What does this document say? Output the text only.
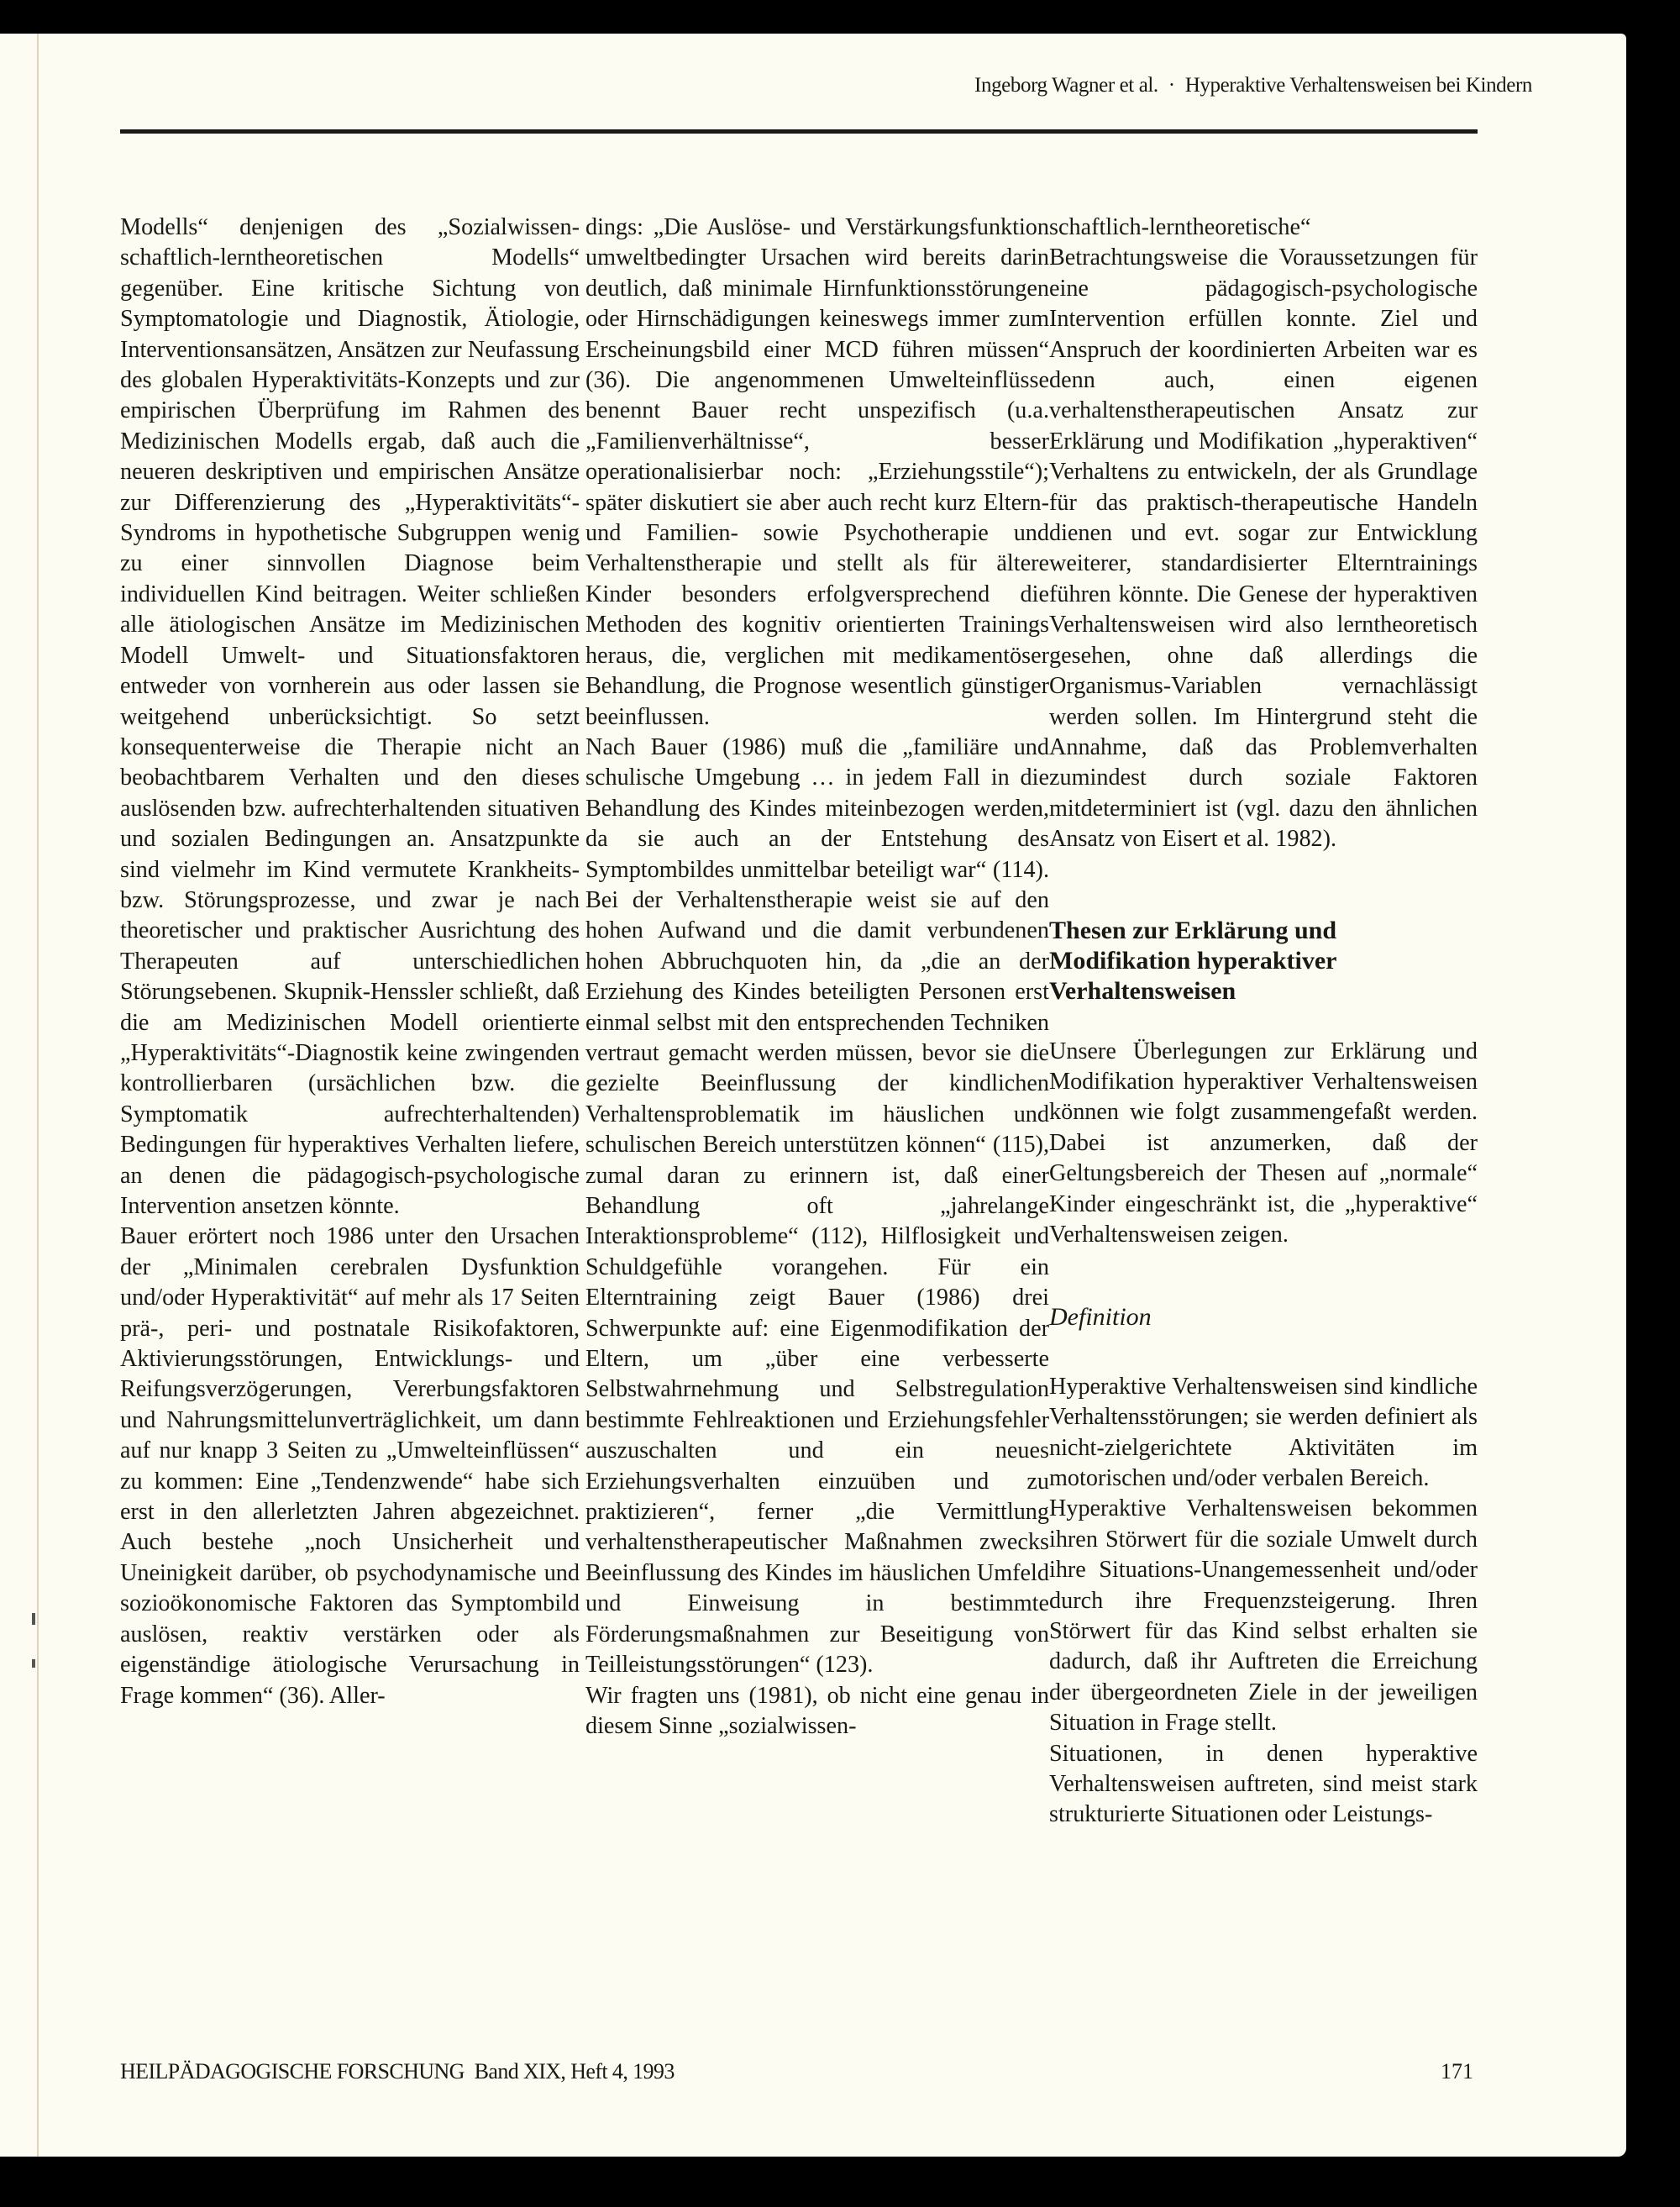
Ingeborg Wagner et al. · Hyperaktive Verhaltensweisen bei Kindern

Modells“ denjenigen des „Sozialwissen-schaftlich-lerntheoretischen Modells“ gegenüber. Eine kritische Sichtung von Symptomatologie und Diagnostik, Ätiologie, Interventionsansätzen, Ansätzen zur Neufassung des globalen Hyperaktivitäts-Konzepts und zur empirischen Überprüfung im Rahmen des Medizinischen Modells ergab, daß auch die neueren deskriptiven und empirischen Ansätze zur Differenzierung des „Hyperaktivitäts“-Syndroms in hypothetische Subgruppen wenig zu einer sinnvollen Diagnose beim individuellen Kind beitragen. Weiter schließen alle ätiologischen Ansätze im Medizinischen Modell Umwelt- und Situationsfaktoren entweder von vornherein aus oder lassen sie weitgehend unberücksichtigt. So setzt konsequenterweise die Therapie nicht an beobachtbarem Verhalten und den dieses auslösenden bzw. aufrechterhaltenden situativen und sozialen Bedingungen an. Ansatzpunkte sind vielmehr im Kind vermutete Krankheits- bzw. Störungsprozesse, und zwar je nach theoretischer und praktischer Ausrichtung des Therapeuten auf unterschiedlichen Störungsebenen. Skupnik-Henssler schließt, daß die am Medizinischen Modell orientierte „Hyperaktivitäts“-Diagnostik keine zwingenden kontrollierbaren (ursächlichen bzw. die Symptomatik aufrechterhaltenden) Bedingungen für hyperaktives Verhalten liefere, an denen die pädagogisch-psychologische Intervention ansetzen könnte.

Bauer erörtert noch 1986 unter den Ursachen der „Minimalen cerebralen Dysfunktion und/oder Hyperaktivität“ auf mehr als 17 Seiten prä-, peri- und postnatale Risikofaktoren, Aktivierungsstörungen, Entwicklungs- und Reifungsverzögerungen, Vererbungsfaktoren und Nahrungsmittelunverträglichkeit, um dann auf nur knapp 3 Seiten zu „Umwelteinflüssen“ zu kommen: Eine „Tendenzwende“ habe sich erst in den allerletzten Jahren abgezeichnet. Auch bestehe „noch Unsicherheit und Uneinigkeit darüber, ob psychodynamische und sozioökonomische Faktoren das Symptombild auslösen, reaktiv verstärken oder als eigenständige ätiologische Verursachung in Frage kommen“ (36). Aller-

dings: „Die Auslöse- und Verstärkungsfunktion umweltbedingter Ursachen wird bereits darin deutlich, daß minimale Hirnfunktionsstörungen oder Hirnschädigungen keineswegs immer zum Erscheinungsbild einer MCD führen müssen“ (36). Die angenommenen Umwelteinflüsse benennt Bauer recht unspezifisch (u.a. „Familienverhältnisse“, besser operationalisierbar noch: „Erziehungsstile“); später diskutiert sie aber auch recht kurz Eltern- und Familien- sowie Psychotherapie und Verhaltenstherapie und stellt als für ältere Kinder besonders erfolgversprechend die Methoden des kognitiv orientierten Trainings heraus, die, verglichen mit medikamentöser Behandlung, die Prognose wesentlich günstiger beeinflussen.

Nach Bauer (1986) muß die „familiäre und schulische Umgebung … in jedem Fall in die Behandlung des Kindes miteinbezogen werden, da sie auch an der Entstehung des Symptombildes unmittelbar beteiligt war“ (114). Bei der Verhaltenstherapie weist sie auf den hohen Aufwand und die damit verbundenen hohen Abbruchquoten hin, da „die an der Erziehung des Kindes beteiligten Personen erst einmal selbst mit den entsprechenden Techniken vertraut gemacht werden müssen, bevor sie die gezielte Beeinflussung der kindlichen Verhaltensproblematik im häuslichen und schulischen Bereich unterstützen können“ (115), zumal daran zu erinnern ist, daß einer Behandlung oft „jahrelange Interaktionsprobleme“ (112), Hilflosigkeit und Schuldgefühle vorangehen. Für ein Elterntraining zeigt Bauer (1986) drei Schwerpunkte auf: eine Eigenmodifikation der Eltern, um „über eine verbesserte Selbstwahrnehmung und Selbstregulation bestimmte Fehlreaktionen und Erziehungsfehler auszuschalten und ein neues Erziehungsverhalten einzuüben und zu praktizieren“, ferner „die Vermittlung verhaltenstherapeutischer Maßnahmen zwecks Beeinflussung des Kindes im häuslichen Umfeld und Einweisung in bestimmte Förderungsmaßnahmen zur Beseitigung von Teilleistungsstörungen“ (123).

Wir fragten uns (1981), ob nicht eine genau in diesem Sinne „sozialwissen-

schaftlich-lerntheoretische“ Betrachtungsweise die Voraussetzungen für eine pädagogisch-psychologische Intervention erfüllen konnte. Ziel und Anspruch der koordinierten Arbeiten war es denn auch, einen eigenen verhaltenstherapeutischen Ansatz zur Erklärung und Modifikation „hyperaktiven“ Verhaltens zu entwickeln, der als Grundlage für das praktisch-therapeutische Handeln dienen und evt. sogar zur Entwicklung weiterer, standardisierter Elterntrainings führen könnte. Die Genese der hyperaktiven Verhaltensweisen wird also lerntheoretisch gesehen, ohne daß allerdings die Organismus-Variablen vernachlässigt werden sollen. Im Hintergrund steht die Annahme, daß das Problemverhalten zumindest durch soziale Faktoren mitdeterminiert ist (vgl. dazu den ähnlichen Ansatz von Eisert et al. 1982).

Thesen zur Erklärung und Modifikation hyperaktiver Verhaltensweisen

Unsere Überlegungen zur Erklärung und Modifikation hyperaktiver Verhaltensweisen können wie folgt zusammengefaßt werden. Dabei ist anzumerken, daß der Geltungsbereich der Thesen auf „normale“ Kinder eingeschränkt ist, die „hyperaktive“ Verhaltensweisen zeigen.

Definition

Hyperaktive Verhaltensweisen sind kindliche Verhaltensstörungen; sie werden definiert als nicht-zielgerichtete Aktivitäten im motorischen und/oder verbalen Bereich.

Hyperaktive Verhaltensweisen bekommen ihren Störwert für die soziale Umwelt durch ihre Situations-Unangemessenheit und/oder durch ihre Frequenzsteigerung. Ihren Störwert für das Kind selbst erhalten sie dadurch, daß ihr Auftreten die Erreichung der übergeordneten Ziele in der jeweiligen Situation in Frage stellt.

Situationen, in denen hyperaktive Verhaltensweisen auftreten, sind meist stark strukturierte Situationen oder Leistungs-

HEILPÄDAGOGISCHE FORSCHUNG Band XIX, Heft 4, 1993	171
